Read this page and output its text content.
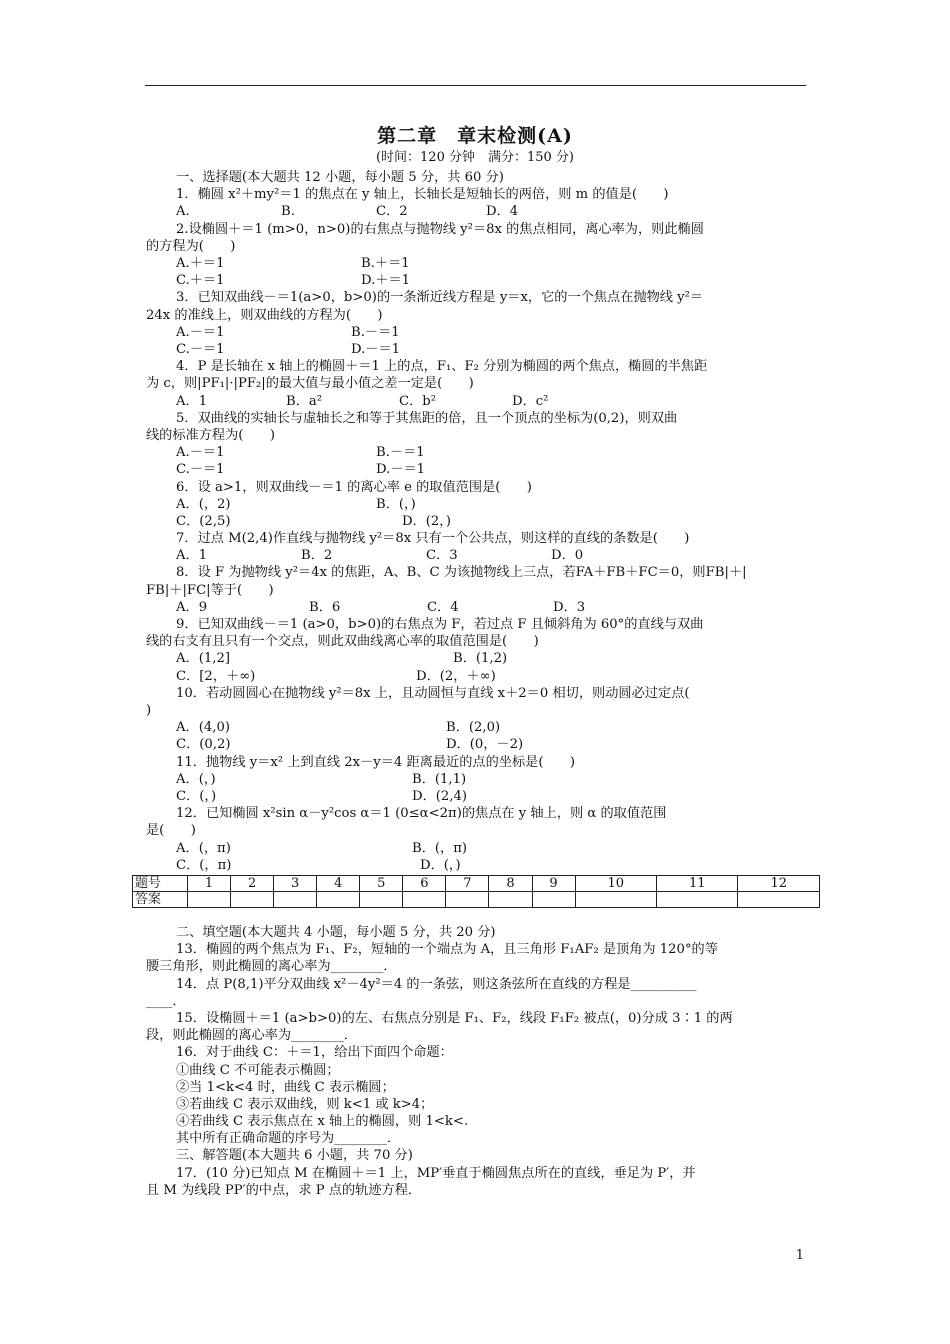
第二章　章末检测(A)
(时间：120 分钟　满分：150 分)
一、选择题(本大题共 12 小题，每小题 5 分，共 60 分)
1．椭圆 x²＋my²＝1 的焦点在 y 轴上，长轴长是短轴长的两倍，则 m 的值是(　　)
A.	B.	C．2	D．4
2.设椭圆＋＝1 (m>0，n>0)的右焦点与抛物线 y²＝8x 的焦点相同，离心率为，则此椭圆
的方程为(　　)
A.＋＝1	B.＋＝1
C.＋＝1	D.＋＝1
3．已知双曲线－＝1(a>0，b>0)的一条渐近线方程是 y＝x，它的一个焦点在抛物线 y²＝
24x 的准线上，则双曲线的方程为(　　)
A.－＝1	B.－＝1
C.－＝1	D.－＝1
4．P 是长轴在 x 轴上的椭圆＋＝1 上的点，F₁、F₂ 分别为椭圆的两个焦点，椭圆的半焦距
为 c，则|PF₁|·|PF₂|的最大值与最小值之差一定是(　　)
A．1	B．a²	C．b²	D．c²
5．双曲线的实轴长与虚轴长之和等于其焦距的倍，且一个顶点的坐标为(0,2)，则双曲
线的标准方程为(　　)
A.－＝1	B.－＝1
C.－＝1	D.－＝1
6．设 a>1，则双曲线－＝1 的离心率 e 的取值范围是(　　)
A．(，2)	B．(，)
C．(2,5)	D．(2，)
7．过点 M(2,4)作直线与抛物线 y²＝8x 只有一个公共点，则这样的直线的条数是(　　)
A．1	B．2	C．3	D．0
8．设 F 为抛物线 y²＝4x 的焦距，A、B、C 为该抛物线上三点，若FA＋FB＋FC＝0，则FB|＋|
FB|＋|FC|等于(　　)
A．9	B．6	C．4	D．3
9．已知双曲线－＝1 (a>0，b>0)的右焦点为 F，若过点 F 且倾斜角为 60°的直线与双曲
线的右支有且只有一个交点，则此双曲线离心率的取值范围是(　　)
A．(1,2]	B．(1,2)
C．[2，＋∞)	D．(2，＋∞)
10．若动圆圆心在抛物线 y²＝8x 上，且动圆恒与直线 x＋2＝0 相切，则动圆必过定点(
)
A．(4,0)	B．(2,0)
C．(0,2)	D．(0，－2)
11．抛物线 y＝x² 上到直线 2x－y＝4 距离最近的点的坐标是(　　)
A．(，)	B．(1,1)
C．(，)	D．(2,4)
12．已知椭圆 x²sin α－y²cos α＝1 (0≤α<2π)的焦点在 y 轴上，则 α 的取值范围
是(　　)
A．(，π)	B．(，π)
C．(，π)	D．(，)
题号	1	2	3	4	5	6	7	8	9	10	11	12
答案												
二、填空题(本大题共 4 小题，每小题 5 分，共 20 分)
13．椭圆的两个焦点为 F₁、F₂，短轴的一个端点为 A，且三角形 F₁AF₂ 是顶角为 120°的等
腰三角形，则此椭圆的离心率为________．
14．点 P(8,1)平分双曲线 x²－4y²＝4 的一条弦，则这条弦所在直线的方程是__________
____．
15．设椭圆＋＝1 (a>b>0)的左、右焦点分别是 F₁、F₂，线段 F₁F₂ 被点(，0)分成 3∶1 的两
段，则此椭圆的离心率为________．
16．对于曲线 C：＋＝1，给出下面四个命题：
①曲线 C 不可能表示椭圆；
②当 1<k<4 时，曲线 C 表示椭圆；
③若曲线 C 表示双曲线，则 k<1 或 k>4；
④若曲线 C 表示焦点在 x 轴上的椭圆，则 1<k<.
其中所有正确命题的序号为________．
三、解答题(本大题共 6 小题，共 70 分)
17．(10 分)已知点 M 在椭圆＋＝1 上，MP′垂直于椭圆焦点所在的直线，垂足为 P′，并
且 M 为线段 PP′的中点，求 P 点的轨迹方程．
1
